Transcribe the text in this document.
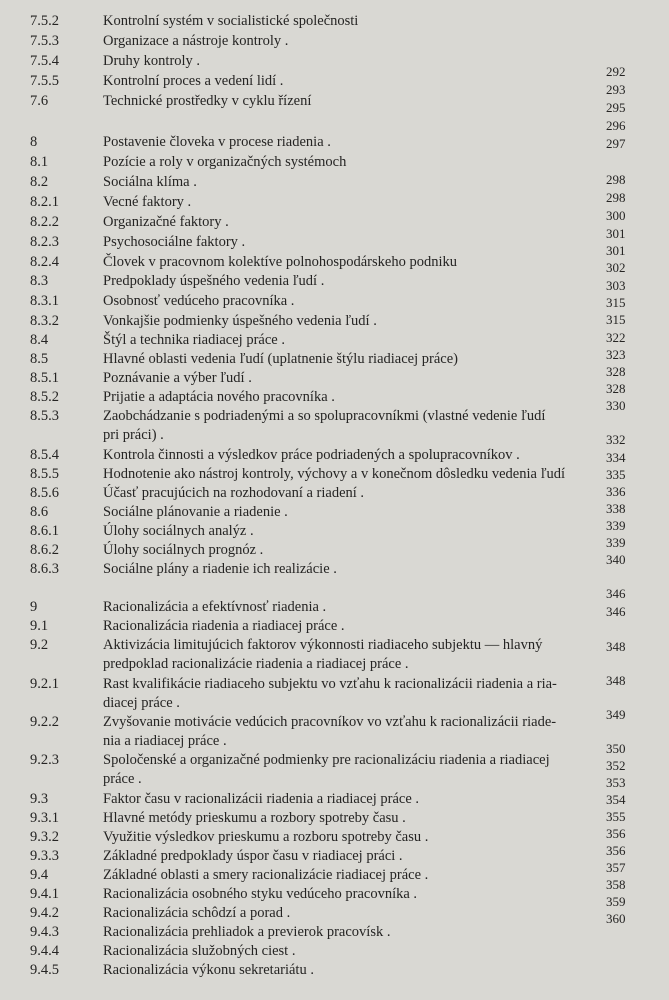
7.5.2
7.5.3
7.5.4
7.5.5
7.6
8
8.1
8.2
8.2.1
8.2.2
8.2.3
8.2.4
8.3
8.3.1
8.3.2
8.4
8.5
8.5.1
8.5.2
8.5.3
8.5.4
8.5.5
8.5.6
8.6
8.6.1
8.6.2
8.6.3
9
9.1
9.2
9.2.1
9.2.2
9.2.3
9.3
9.3.1
9.3.2
9.3.3
9.4
9.4.1
9.4.2
9.4.3
9.4.4
9.4.5
Kontrolní systém v socialistické společnosti
Organizace a nástroje kontroly .
Druhy kontroly .
Kontrolní proces a vedení lidí .
Technické prostředky v cyklu řízení
Postavenie človeka v procese riadenia .
Pozície a roly v organizačných systémoch
Sociálna klíma .
Vecné faktory .
Organizačné faktory .
Psychosociálne faktory .
Človek v pracovnom kolektíve polnohospodárskeho podniku
Predpoklady úspešného vedenia ľudí .
Osobnosť vedúceho pracovníka .
Vonkajšie podmienky úspešného vedenia ľudí .
Štýl a technika riadiacej práce .
Hlavné oblasti vedenia ľudí (uplatnenie štýlu riadiacej práce)
Poznávanie a výber ľudí .
Prijatie a adaptácia nového pracovníka .
Zaobchádzanie s podriadenými a so spolupracovníkmi (vlastné vedenie ľudí
pri práci) .
Kontrola činnosti a výsledkov práce podriadených a spolupracovníkov .
Hodnotenie ako nástroj kontroly, výchovy a v konečnom dôsledku vedenia ľudí
Účasť pracujúcich na rozhodovaní a riadení .
Sociálne plánovanie a riadenie .
Úlohy sociálnych analýz .
Úlohy sociálnych prognóz .
Sociálne plány a riadenie ich realizácie .
Racionalizácia a efektívnosť riadenia .
Racionalizácia riadenia a riadiacej práce .
Aktivizácia limitujúcich faktorov výkonnosti riadiaceho subjektu — hlavný
predpoklad racionalizácie riadenia a riadiacej práce .
Rast kvalifikácie riadiaceho subjektu vo vzťahu k racionalizácii riadenia a ria-
diacej práce .
Zvyšovanie motivácie vedúcich pracovníkov vo vzťahu k racionalizácii riade-
nia a riadiacej práce .
Spoločenské a organizačné podmienky pre racionalizáciu riadenia a riadiacej
práce .
Faktor času v racionalizácii riadenia a riadiacej práce .
Hlavné metódy prieskumu a rozbory spotreby času .
Využitie výsledkov prieskumu a rozboru spotreby času .
Základné predpoklady úspor času v riadiacej práci .
Základné oblasti a smery racionalizácie riadiacej práce .
Racionalizácia osobného styku vedúceho pracovníka .
Racionalizácia schôdzí a porad .
Racionalizácia prehliadok a previerok pracovísk .
Racionalizácia služobných ciest .
Racionalizácia výkonu sekretariátu .
292
293
295
296
297
298
298
300
301
301
302
303
315
315
322
323
328
328
330
332
334
335
336
338
339
339
340
346
346
348
348
349
350
352
353
354
355
356
356
357
358
359
360
